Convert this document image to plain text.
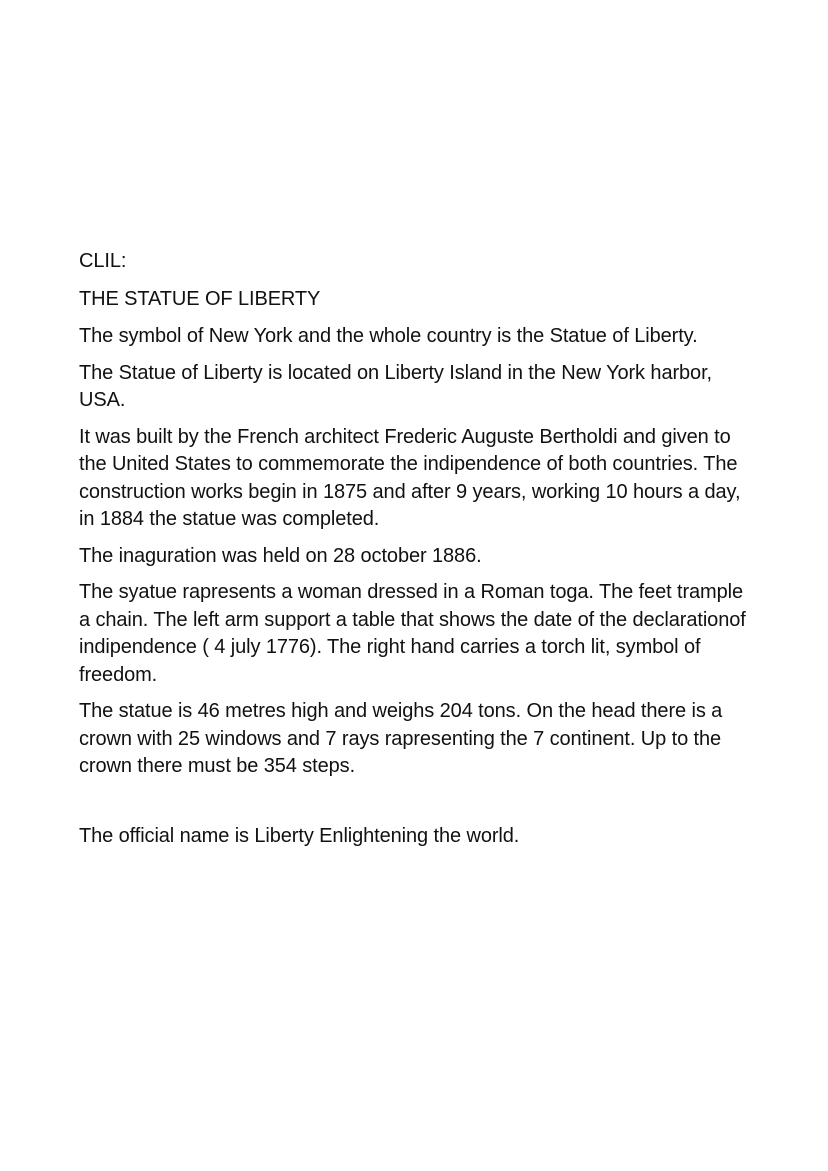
CLIL:

THE STATUE OF LIBERTY

The symbol of New York and the whole country is the Statue of Liberty.

The Statue of Liberty is located on Liberty Island in the New York harbor, USA.

It was built by the French architect Frederic Auguste Bertholdi and given to the United States to commemorate the indipendence of both countries. The construction works begin in 1875 and after 9 years, working 10 hours a day, in 1884 the statue was completed.

The inaguration was held on 28 october 1886.

The syatue rapresents a woman dressed in a Roman toga. The feet trample a chain. The left arm support a table that shows the date of the declarationof indipendence ( 4 july 1776). The right hand carries a torch lit, symbol of freedom.

The statue is 46 metres high and weighs 204 tons. On the head there is a crown with 25 windows and 7 rays rapresenting the 7 continent. Up to the crown there must be 354 steps.

The official name is Liberty Enlightening the world.
